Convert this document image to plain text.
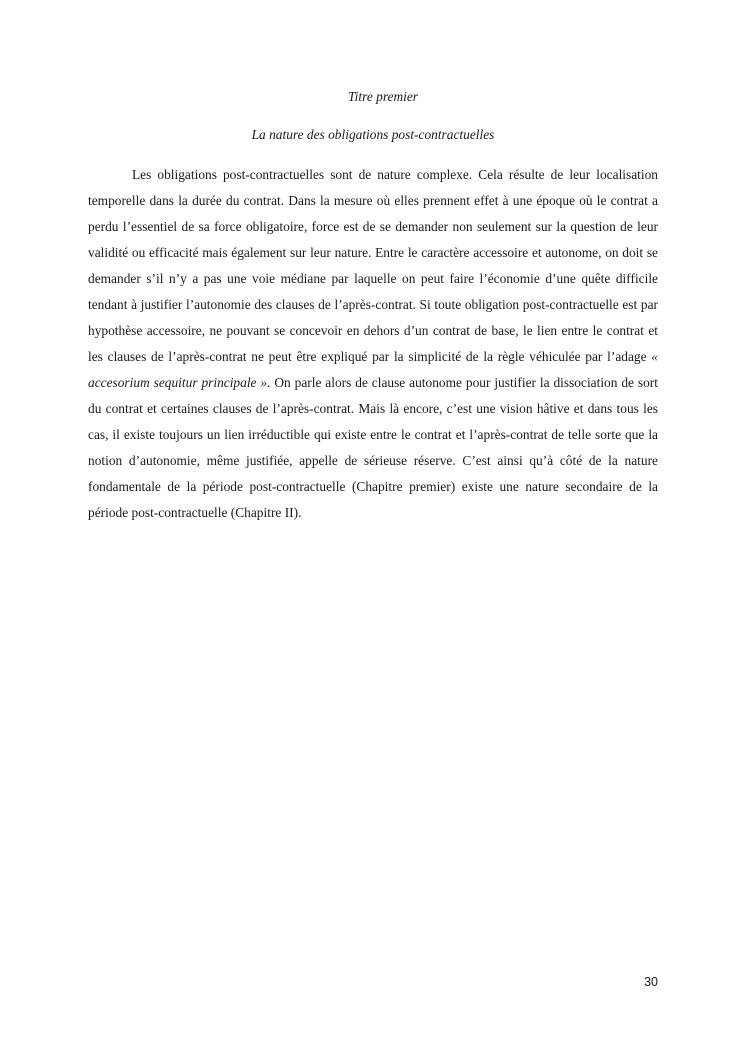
Titre premier

La nature des obligations post-contractuelles

Les obligations post-contractuelles sont de nature complexe. Cela résulte de leur localisation temporelle dans la durée du contrat. Dans la mesure où elles prennent effet à une époque où le contrat a perdu l’essentiel de sa force obligatoire, force est de se demander non seulement sur la question de leur validité ou efficacité mais également sur leur nature. Entre le caractère accessoire et autonome, on doit se demander s’il n’y a pas une voie médiane par laquelle on peut faire l’économie d’une quête difficile tendant à justifier l’autonomie des clauses de l’après-contrat. Si toute obligation post-contractuelle est par hypothèse accessoire, ne pouvant se concevoir en dehors d’un contrat de base, le lien entre le contrat et les clauses de l’après-contrat ne peut être expliqué par la simplicité de la règle véhiculée par l’adage « accesorium sequitur principale ». On parle alors de clause autonome pour justifier la dissociation de sort du contrat et certaines clauses de l’après-contrat. Mais là encore, c’est une vision hâtive et dans tous les cas, il existe toujours un lien irréductible qui existe entre le contrat et l’après-contrat de telle sorte que la notion d’autonomie, même justifiée, appelle de sérieuse réserve. C’est ainsi qu’à côté de la nature fondamentale de la période post-contractuelle (Chapitre premier) existe une nature secondaire de la période post-contractuelle (Chapitre II).

30
